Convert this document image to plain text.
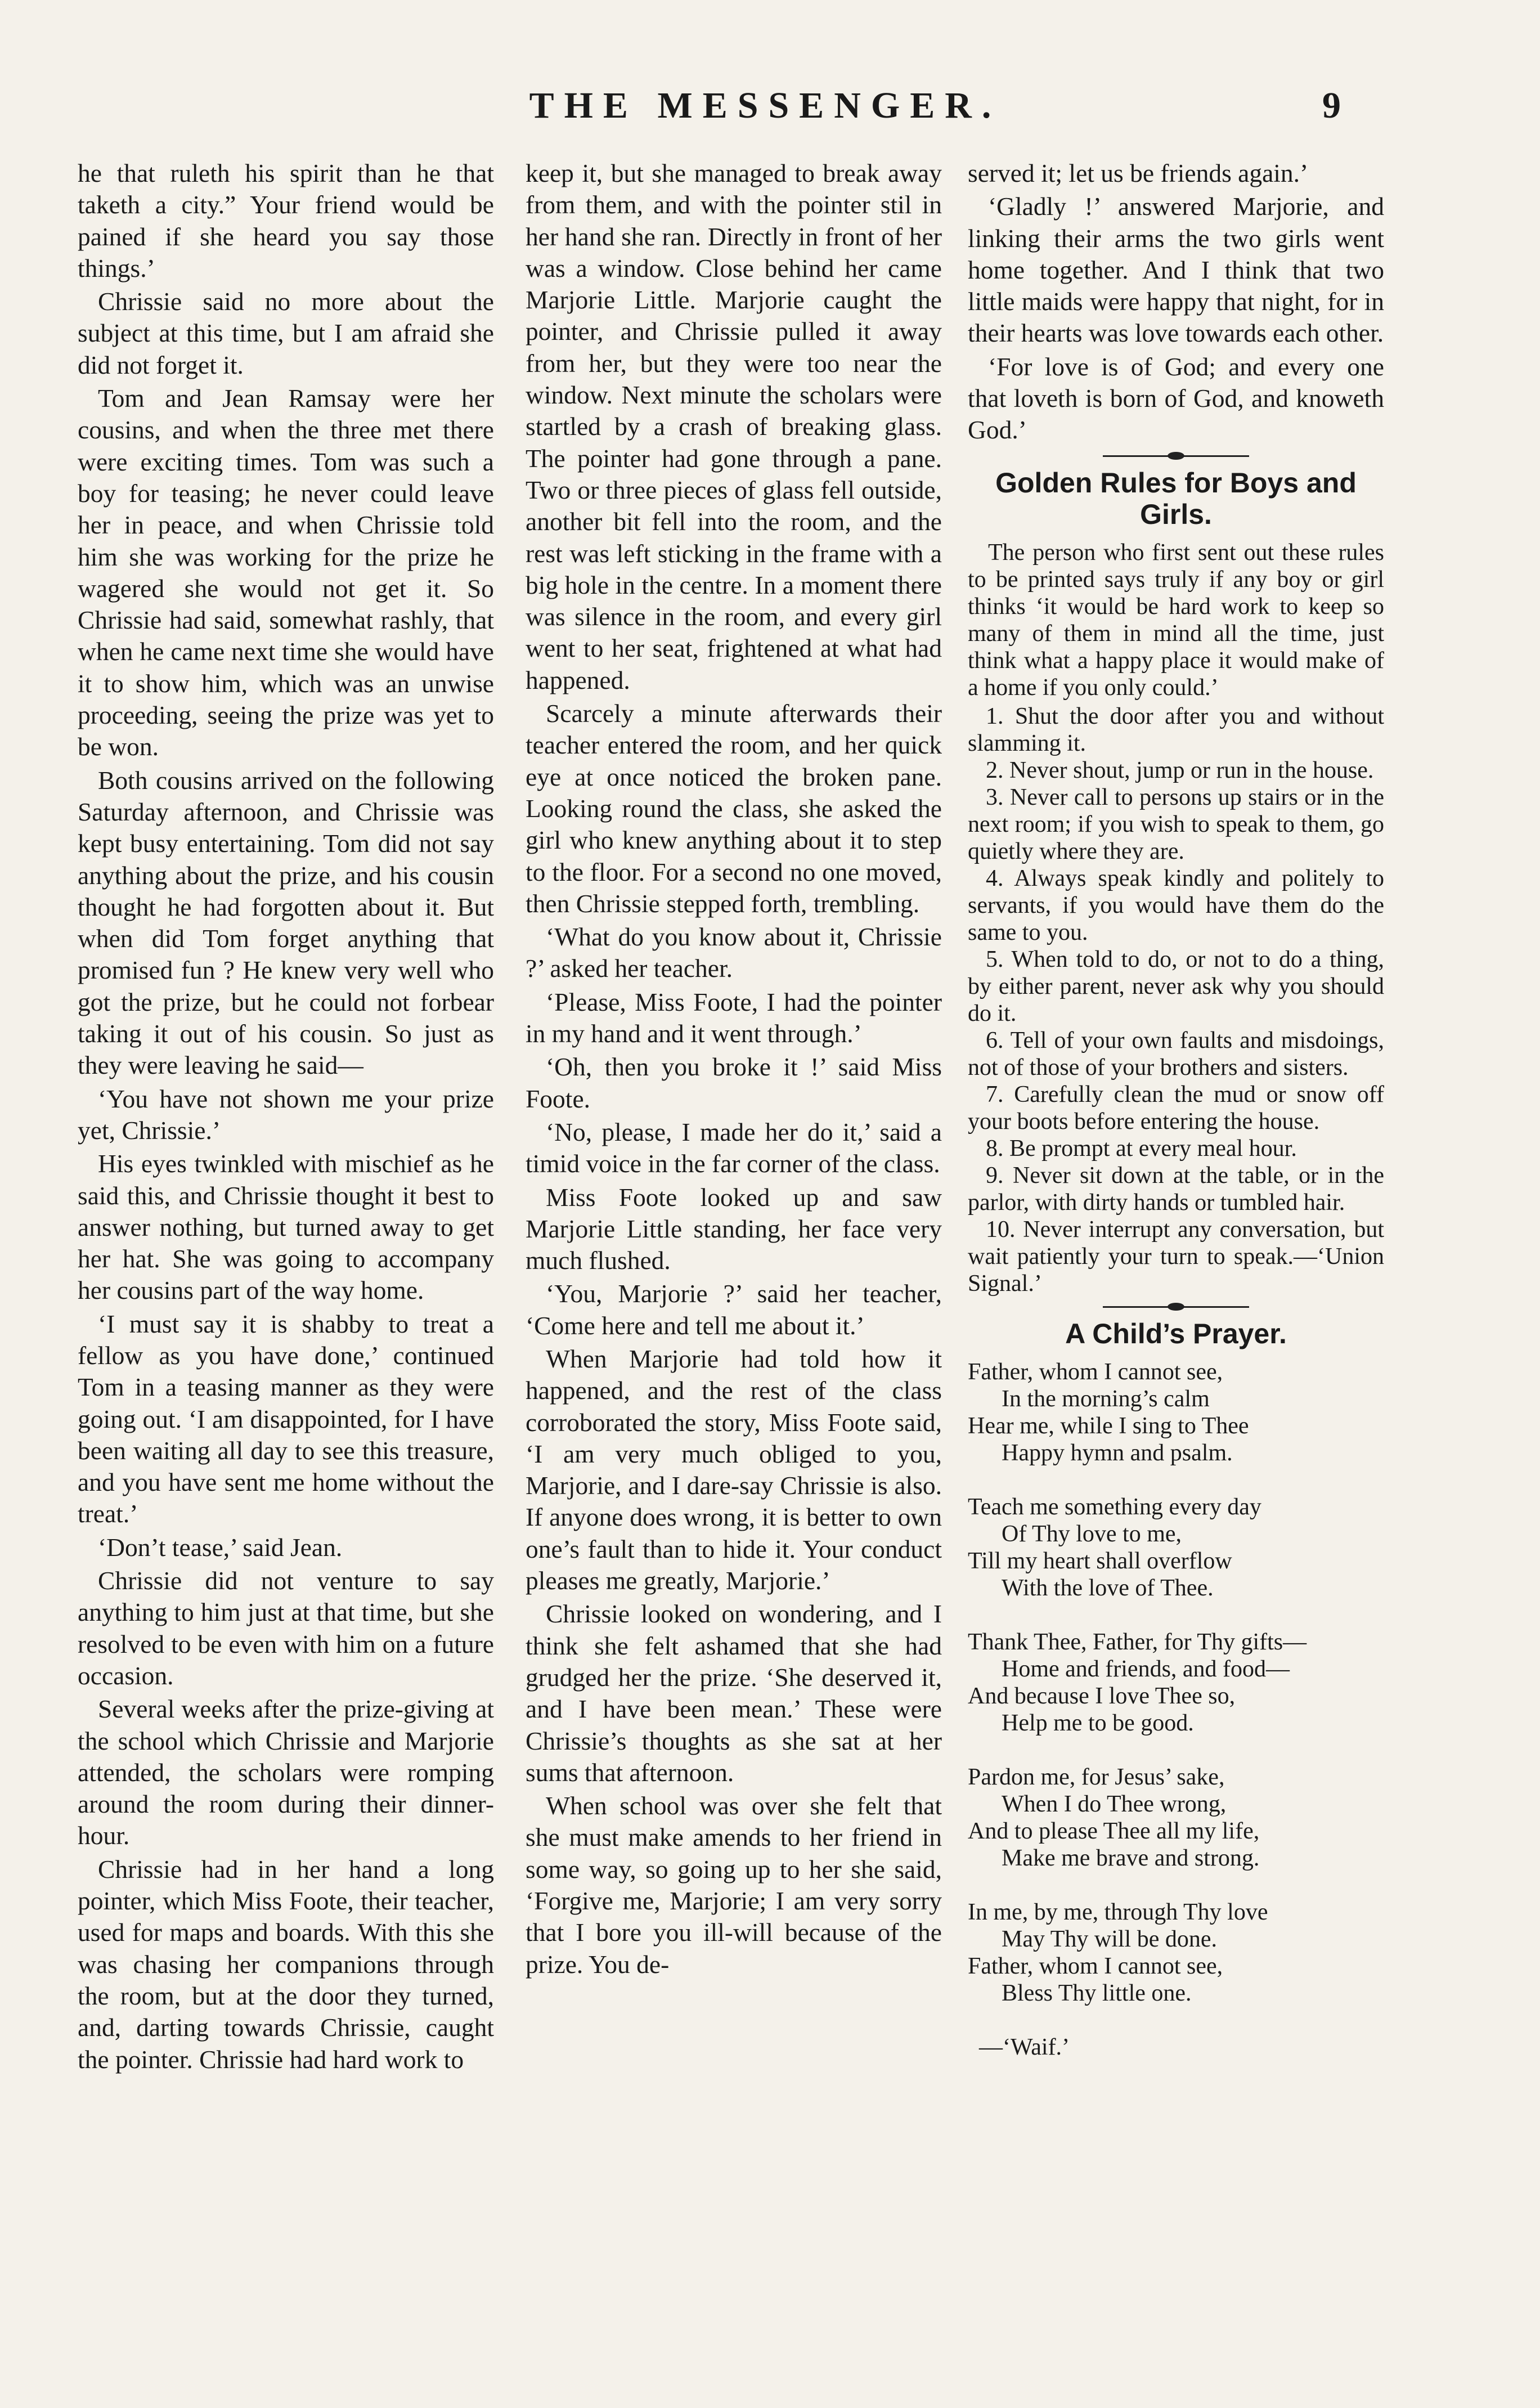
THE MESSENGER.	9

he that ruleth his spirit than he that taketh a city.” Your friend would be pained if she heard you say those things.’

Chrissie said no more about the subject at this time, but I am afraid she did not forget it.

Tom and Jean Ramsay were her cousins, and when the three met there were exciting times. Tom was such a boy for teasing; he never could leave her in peace, and when Chrissie told him she was working for the prize he wagered she would not get it. So Chrissie had said, somewhat rashly, that when he came next time she would have it to show him, which was an unwise proceeding, seeing the prize was yet to be won.

Both cousins arrived on the following Saturday afternoon, and Chrissie was kept busy entertaining. Tom did not say anything about the prize, and his cousin thought he had forgotten about it. But when did Tom forget anything that promised fun ? He knew very well who got the prize, but he could not forbear taking it out of his cousin. So just as they were leaving he said—

‘You have not shown me your prize yet, Chrissie.’

His eyes twinkled with mischief as he said this, and Chrissie thought it best to answer nothing, but turned away to get her hat. She was going to accompany her cousins part of the way home.

‘I must say it is shabby to treat a fellow as you have done,’ continued Tom in a teasing manner as they were going out. ‘I am disappointed, for I have been waiting all day to see this treasure, and you have sent me home without the treat.’

‘Don’t tease,’ said Jean.

Chrissie did not venture to say anything to him just at that time, but she resolved to be even with him on a future occasion.

Several weeks after the prize-giving at the school which Chrissie and Marjorie attended, the scholars were romping around the room during their dinner-hour.

Chrissie had in her hand a long pointer, which Miss Foote, their teacher, used for maps and boards. With this she was chasing her companions through the room, but at the door they turned, and, darting towards Chrissie, caught the pointer. Chrissie had hard work to

keep it, but she managed to break away from them, and with the pointer stil in her hand she ran. Directly in front of her was a window. Close behind her came Marjorie Little. Marjorie caught the pointer, and Chrissie pulled it away from her, but they were too near the window. Next minute the scholars were startled by a crash of breaking glass. The pointer had gone through a pane. Two or three pieces of glass fell outside, another bit fell into the room, and the rest was left sticking in the frame with a big hole in the centre. In a moment there was silence in the room, and every girl went to her seat, frightened at what had happened.

Scarcely a minute afterwards their teacher entered the room, and her quick eye at once noticed the broken pane. Looking round the class, she asked the girl who knew anything about it to step to the floor. For a second no one moved, then Chrissie stepped forth, trembling.

‘What do you know about it, Chrissie ?’ asked her teacher.

‘Please, Miss Foote, I had the pointer in my hand and it went through.’

‘Oh, then you broke it !’ said Miss Foote.

‘No, please, I made her do it,’ said a timid voice in the far corner of the class.

Miss Foote looked up and saw Marjorie Little standing, her face very much flushed.

‘You, Marjorie ?’ said her teacher, ‘Come here and tell me about it.’

When Marjorie had told how it happened, and the rest of the class corroborated the story, Miss Foote said, ‘I am very much obliged to you, Marjorie, and I dare-say Chrissie is also. If anyone does wrong, it is better to own one’s fault than to hide it. Your conduct pleases me greatly, Marjorie.’

Chrissie looked on wondering, and I think she felt ashamed that she had grudged her the prize. ‘She deserved it, and I have been mean.’ These were Chrissie’s thoughts as she sat at her sums that afternoon.

When school was over she felt that she must make amends to her friend in some way, so going up to her she said, ‘Forgive me, Marjorie; I am very sorry that I bore you ill-will because of the prize. You de-

served it; let us be friends again.’

‘Gladly !’ answered Marjorie, and linking their arms the two girls went home together. And I think that two little maids were happy that night, for in their hearts was love towards each other.

‘For love is of God; and every one that loveth is born of God, and knoweth God.’

Golden Rules for Boys and Girls.

The person who first sent out these rules to be printed says truly if any boy or girl thinks ‘it would be hard work to keep so many of them in mind all the time, just think what a happy place it would make of a home if you only could.’

1. Shut the door after you and without slamming it.

2. Never shout, jump or run in the house.

3. Never call to persons up stairs or in the next room; if you wish to speak to them, go quietly where they are.

4. Always speak kindly and politely to servants, if you would have them do the same to you.

5. When told to do, or not to do a thing, by either parent, never ask why you should do it.

6. Tell of your own faults and misdoings, not of those of your brothers and sisters.

7. Carefully clean the mud or snow off your boots before entering the house.

8. Be prompt at every meal hour.

9. Never sit down at the table, or in the parlor, with dirty hands or tumbled hair.

10. Never interrupt any conversation, but wait patiently your turn to speak.—‘Union Signal.’

A Child’s Prayer.
Father, whom I cannot see,
In the morning’s calm
Hear me, while I sing to Thee
Happy hymn and psalm.
Teach me something every day
Of Thy love to me,
Till my heart shall overflow
With the love of Thee.
Thank Thee, Father, for Thy gifts—
Home and friends, and food—
And because I love Thee so,
Help me to be good.
Pardon me, for Jesus’ sake,
When I do Thee wrong,
And to please Thee all my life,
Make me brave and strong.
In me, by me, through Thy love
May Thy will be done.
Father, whom I cannot see,
Bless Thy little one.
—‘Waif.’
